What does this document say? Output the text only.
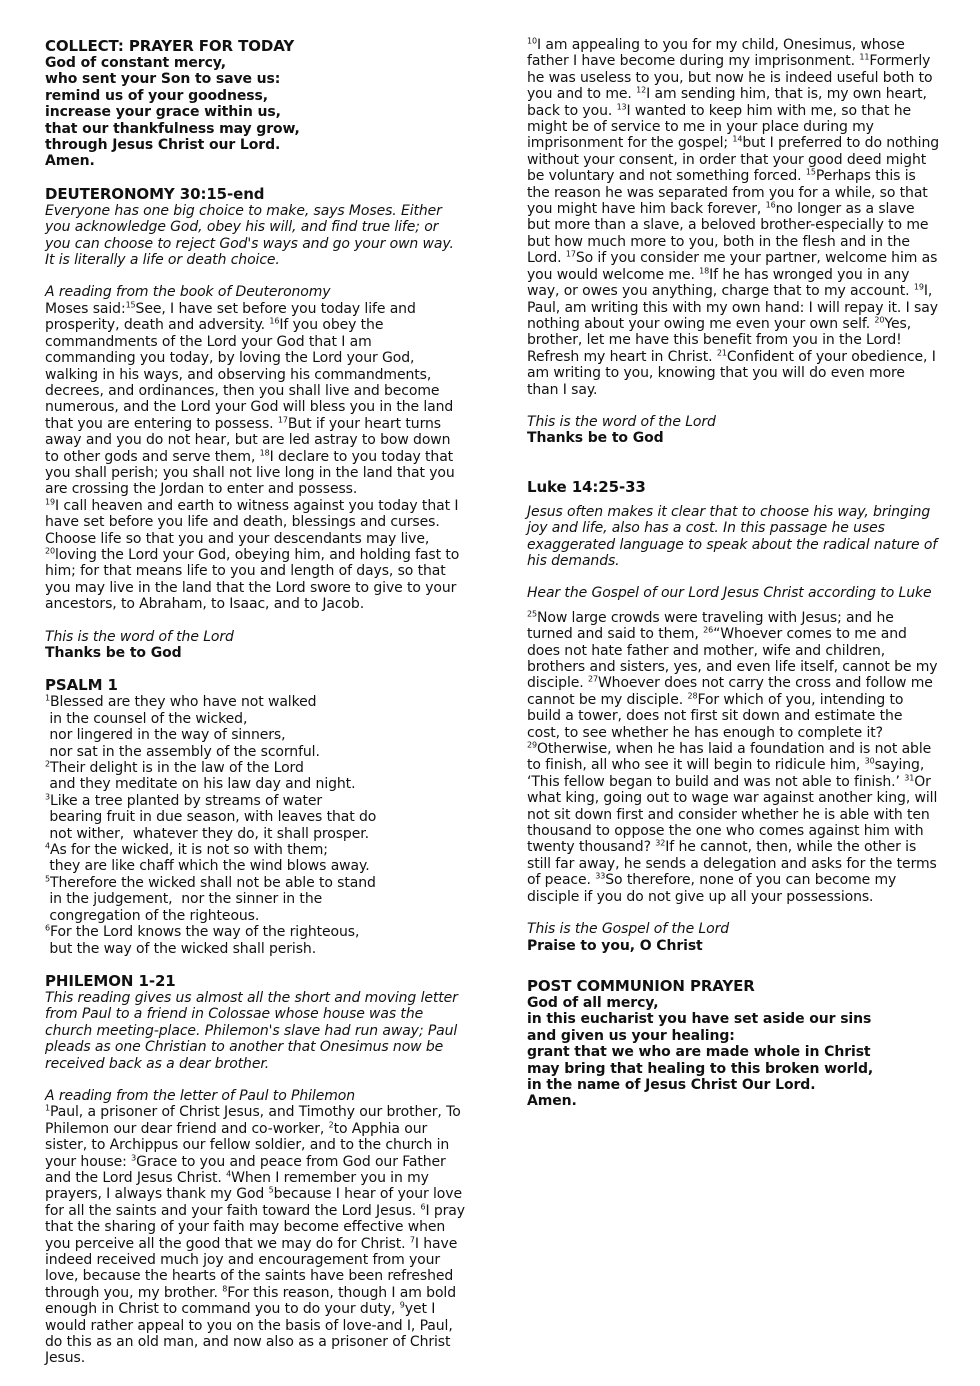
COLLECT: PRAYER FOR TODAY

God of constant mercy,
who sent your Son to save us:
remind us of your goodness,
increase your grace within us,
that our thankfulness may grow,
through Jesus Christ our Lord.
Amen.

DEUTERONOMY 30:15-end

Everyone has one big choice to make, says Moses. Either you acknowledge God, obey his will, and find true life; or you can choose to reject God's ways and go your own way. It is literally a life or death choice.

A reading from the book of Deuteronomy

Moses said:$^{15}$See, I have set before you today life and prosperity, death and adversity. $^{16}$If you obey the commandments of the Lord your God that I am commanding you today, by loving the Lord your God, walking in his ways, and observing his commandments, decrees, and ordinances, then you shall live and become numerous, and the Lord your God will bless you in the land that you are entering to possess. $^{17}$But if your heart turns away and you do not hear, but are led astray to bow down to other gods and serve them, $^{18}$I declare to you today that you shall perish; you shall not live long in the land that you are crossing the Jordan to enter and possess.

$^{19}$I call heaven and earth to witness against you today that I have set before you life and death, blessings and curses. Choose life so that you and your descendants may live, $^{20}$loving the Lord your God, obeying him, and holding fast to him; for that means life to you and length of days, so that you may live in the land that the Lord swore to give to your ancestors, to Abraham, to Isaac, and to Jacob.

This is the word of the Lord

Thanks be to God

PSALM 1

$^1$Blessed are they who have not walked
in the counsel of the wicked,
nor lingered in the way of sinners,
nor sat in the assembly of the scornful.
$^2$Their delight is in the law of the Lord
and they meditate on his law day and night.
$^3$Like a tree planted by streams of water
bearing fruit in due season, with leaves that do
not wither,  whatever they do, it shall prosper.
$^4$As for the wicked, it is not so with them;
they are like chaff which the wind blows away.
$^5$Therefore the wicked shall not be able to stand
in the judgement,  nor the sinner in the
congregation of the righteous.
$^6$For the Lord knows the way of the righteous,
but the way of the wicked shall perish.

PHILEMON 1-21

This reading gives us almost all the short and moving letter from Paul to a friend in Colossae whose house was the church meeting-place. Philemon's slave had run away; Paul pleads as one Christian to another that Onesimus now be received back as a dear brother.

A reading from the letter of Paul to Philemon

$^1$Paul, a prisoner of Christ Jesus, and Timothy our brother, To Philemon our dear friend and co-worker, $^2$to Apphia our sister, to Archippus our fellow soldier, and to the church in your house: $^3$Grace to you and peace from God our Father and the Lord Jesus Christ. $^4$When I remember you in my prayers, I always thank my God $^5$because I hear of your love for all the saints and your faith toward the Lord Jesus. $^6$I pray that the sharing of your faith may become effective when you perceive all the good that we may do for Christ. $^7$I have indeed received much joy and encouragement from your love, because the hearts of the saints have been refreshed through you, my brother. $^8$For this reason, though I am bold enough in Christ to command you to do your duty, $^9$yet I would rather appeal to you on the basis of love-and I, Paul, do this as an old man, and now also as a prisoner of Christ Jesus.

$^{10}$I am appealing to you for my child, Onesimus, whose father I have become during my imprisonment. $^{11}$Formerly he was useless to you, but now he is indeed useful both to you and to me. $^{12}$I am sending him, that is, my own heart, back to you. $^{13}$I wanted to keep him with me, so that he might be of service to me in your place during my imprisonment for the gospel; $^{14}$but I preferred to do nothing without your consent, in order that your good deed might be voluntary and not something forced. $^{15}$Perhaps this is the reason he was separated from you for a while, so that you might have him back forever, $^{16}$no longer as a slave but more than a slave, a beloved brother-especially to me but how much more to you, both in the flesh and in the Lord. $^{17}$So if you consider me your partner, welcome him as you would welcome me. $^{18}$If he has wronged you in any way, or owes you anything, charge that to my account. $^{19}$I, Paul, am writing this with my own hand: I will repay it. I say nothing about your owing me even your own self. $^{20}$Yes, brother, let me have this benefit from you in the Lord! Refresh my heart in Christ. $^{21}$Confident of your obedience, I am writing to you, knowing that you will do even more than I say.

This is the word of the Lord

Thanks be to God

Luke 14:25-33

Jesus often makes it clear that to choose his way, bringing joy and life, also has a cost. In this passage he uses exaggerated language to speak about the radical nature of his demands.

Hear the Gospel of our Lord Jesus Christ according to Luke

$^{25}$Now large crowds were traveling with Jesus; and he turned and said to them, $^{26}$“Whoever comes to me and does not hate father and mother, wife and children, brothers and sisters, yes, and even life itself, cannot be my disciple. $^{27}$Whoever does not carry the cross and follow me cannot be my disciple. $^{28}$For which of you, intending to build a tower, does not first sit down and estimate the cost, to see whether he has enough to complete it? $^{29}$Otherwise, when he has laid a foundation and is not able to finish, all who see it will begin to ridicule him, $^{30}$saying, ‘This fellow began to build and was not able to finish.’ $^{31}$Or what king, going out to wage war against another king, will not sit down first and consider whether he is able with ten thousand to oppose the one who comes against him with twenty thousand? $^{32}$If he cannot, then, while the other is still far away, he sends a delegation and asks for the terms of peace. $^{33}$So therefore, none of you can become my disciple if you do not give up all your possessions.

This is the Gospel of the Lord

Praise to you, O Christ

POST COMMUNION PRAYER

God of all mercy,
in this eucharist you have set aside our sins
and given us your healing:
grant that we who are made whole in Christ
may bring that healing to this broken world,
in the name of Jesus Christ Our Lord.
Amen.
